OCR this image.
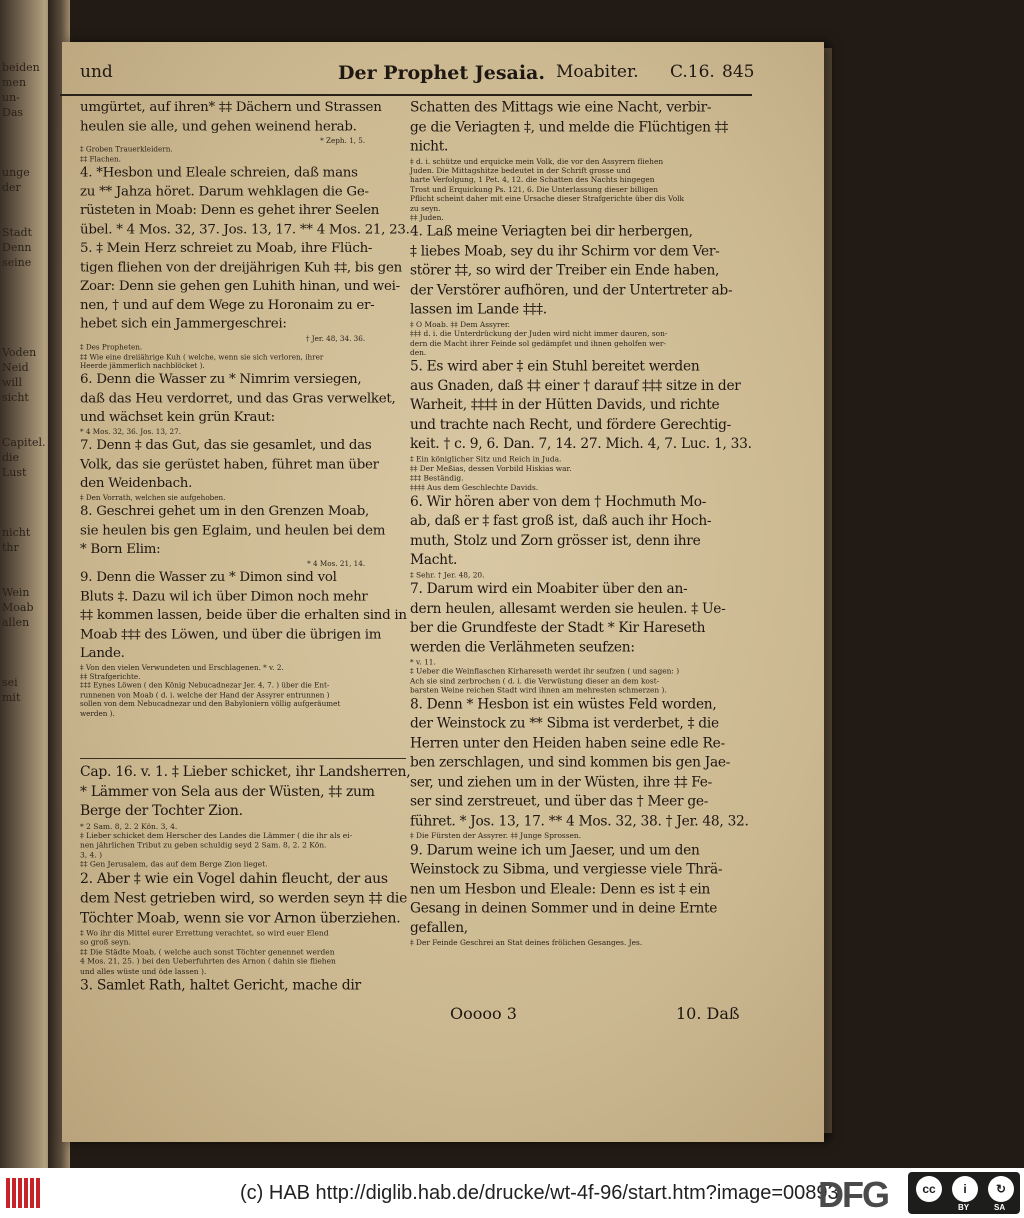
beiden
men
un-
Das

unge
der

Stadt
Denn
seine

Voden
Neid
will
sicht

Capitel.
die
Lust

nicht
thr

Wein
Moab
allen

sei
mit
und	Der Prophet Jesaia. Moabiter. C.16. 845
umgürtet, auf ihren* ‡‡ Dächern und Strassen
heulen sie alle, und gehen weinend herab.
* Zeph. 1, 5.
‡ Groben Trauerkleidern.
‡‡ Flachen.
4. *Hesbon und Eleale schreien, daß mans
zu ** Jahza höret. Darum wehklagen die Ge-
rüsteten in Moab: Denn es gehet ihrer Seelen
übel. * 4 Mos. 32, 37. Jos. 13, 17. ** 4 Mos. 21, 23.
5. ‡ Mein Herz schreiet zu Moab, ihre Flüch-
tigen fliehen von der dreijährigen Kuh ‡‡, bis gen
Zoar: Denn sie gehen gen Luhith hinan, und wei-
nen, † und auf dem Wege zu Horonaim zu er-
hebet sich ein Jammergeschrei:
† Jer. 48, 34. 36.
‡ Des Propheten.
‡‡ Wie eine dreiiährige Kuh ( welche, wenn sie sich verloren, ihrer
Heerde jämmerlich nachblöcket ).
6. Denn die Wasser zu * Nimrim versiegen,
daß das Heu verdorret, und das Gras verwelket,
und wächset kein grün Kraut:
* 4 Mos. 32, 36. Jos. 13, 27.
7. Denn ‡ das Gut, das sie gesamlet, und das
Volk, das sie gerüstet haben, führet man über
den Weidenbach.
‡ Den Vorrath, welchen sie aufgehoben.
8. Geschrei gehet um in den Grenzen Moab,
sie heulen bis gen Eglaim, und heulen bei dem
* Born Elim:
* 4 Mos. 21, 14.
9. Denn die Wasser zu * Dimon sind vol
Bluts ‡. Dazu wil ich über Dimon noch mehr
‡‡ kommen lassen, beide über die erhalten sind in
Moab ‡‡‡ des Löwen, und über die übrigen im
Lande.
‡ Von den vielen Verwundeten und Erschlagenen. * v. 2.
‡‡ Strafgerichte.
‡‡‡ Eynes Löwen ( den König Nebucadnezar Jer. 4, 7. ) über die Ent-
runnenen von Moab ( d. i. welche der Hand der Assyrer entrunnen )
sollen von dem Nebucadnezar und den Babyloniern völlig aufgeräumet
werden ).
Cap. 16. v. 1. ‡ Lieber schicket, ihr Landsherren,
* Lämmer von Sela aus der Wüsten, ‡‡ zum
Berge der Tochter Zion.
* 2 Sam. 8, 2. 2 Kön. 3, 4.
‡ Lieber schicket dem Herscher des Landes die Lämmer ( die ihr als ei-
nen jährlichen Tribut zu geben schuldig seyd 2 Sam. 8, 2. 2 Kön.
3, 4. )
‡‡ Gen Jerusalem, das auf dem Berge Zion lieget.
2. Aber ‡ wie ein Vogel dahin fleucht, der aus
dem Nest getrieben wird, so werden seyn ‡‡ die
Töchter Moab, wenn sie vor Arnon überziehen.
‡ Wo ihr dis Mittel eurer Errettung verachtet, so wird euer Elend
so groß seyn.
‡‡ Die Städte Moab, ( welche auch sonst Töchter genennet werden
4 Mos. 21, 25. ) bei den Ueberfuhrten des Arnon ( dahin sie fliehen
und alles wüste und öde lassen ).
3. Samlet Rath, haltet Gericht, mache dir
Schatten des Mittags wie eine Nacht, verbir-
ge die Veriagten ‡, und melde die Flüchtigen ‡‡
nicht.
‡ d. i. schütze und erquicke mein Volk, die vor den Assyrern fliehen
Juden. Die Mittagshitze bedeutet in der Schrift grosse und
harte Verfolgung, 1 Pet. 4, 12. die Schatten des Nachts hingegen
Trost und Erquickung Ps. 121, 6. Die Unterlassung dieser billigen
Pflicht scheint daher mit eine Ursache dieser Strafgerichte über dis Volk
zu seyn.
‡‡ Juden.
4. Laß meine Veriagten bei dir herbergen,
‡ liebes Moab, sey du ihr Schirm vor dem Ver-
störer ‡‡, so wird der Treiber ein Ende haben,
der Verstörer aufhören, und der Untertreter ab-
lassen im Lande ‡‡‡.
‡ O Moab. ‡‡ Dem Assyrer.
‡‡‡ d. i. die Unterdrückung der Juden wird nicht immer dauren, son-
dern die Macht ihrer Feinde sol gedämpfet und ihnen geholfen wer-
den.
5. Es wird aber ‡ ein Stuhl bereitet werden
aus Gnaden, daß ‡‡ einer † darauf ‡‡‡ sitze in der
Warheit, ‡‡‡‡ in der Hütten Davids, und richte
und trachte nach Recht, und fördere Gerechtig-
keit. † c. 9, 6. Dan. 7, 14. 27. Mich. 4, 7. Luc. 1, 33.
‡ Ein königlicher Sitz und Reich in Juda.
‡‡ Der Meßias, dessen Vorbild Hiskias war.
‡‡‡ Beständig.
‡‡‡‡ Aus dem Geschlechte Davids.
6. Wir hören aber von dem † Hochmuth Mo-
ab, daß er ‡ fast groß ist, daß auch ihr Hoch-
muth, Stolz und Zorn grösser ist, denn ihre
Macht.
‡ Sehr. † Jer. 48, 20.
7. Darum wird ein Moabiter über den an-
dern heulen, allesamt werden sie heulen. ‡ Ue-
ber die Grundfeste der Stadt * Kir Hareseth
werden die Verlähmeten seufzen:
* v. 11.
‡ Ueber die Weinflaschen Kirhareseth werdet ihr seufzen ( und sagen: )
Ach sie sind zerbrochen ( d. i. die Verwüstung dieser an dem kost-
barsten Weine reichen Stadt wird ihnen am mehresten schmerzen ).
8. Denn * Hesbon ist ein wüstes Feld worden,
der Weinstock zu ** Sibma ist verderbet, ‡ die
Herren unter den Heiden haben seine edle Re-
ben zerschlagen, und sind kommen bis gen Jae-
ser, und ziehen um in der Wüsten, ihre ‡‡ Fe-
ser sind zerstreuet, und über das † Meer ge-
führet. * Jos. 13, 17. ** 4 Mos. 32, 38. † Jer. 48, 32.
‡ Die Fürsten der Assyrer. ‡‡ Junge Sprossen.
9. Darum weine ich um Jaeser, und um den
Weinstock zu Sibma, und vergiesse viele Thrä-
nen um Hesbon und Eleale: Denn es ist ‡ ein
Gesang in deinen Sommer und in deine Ernte
gefallen,
‡ Der Feinde Geschrei an Stat deines frölichen Gesanges. Jes.
Ooooo 3	10. Daß
(c) HAB http://diglib.hab.de/drucke/wt-4f-96/start.htm?image=00893
DFG	cc	i	↻
BY	SA
